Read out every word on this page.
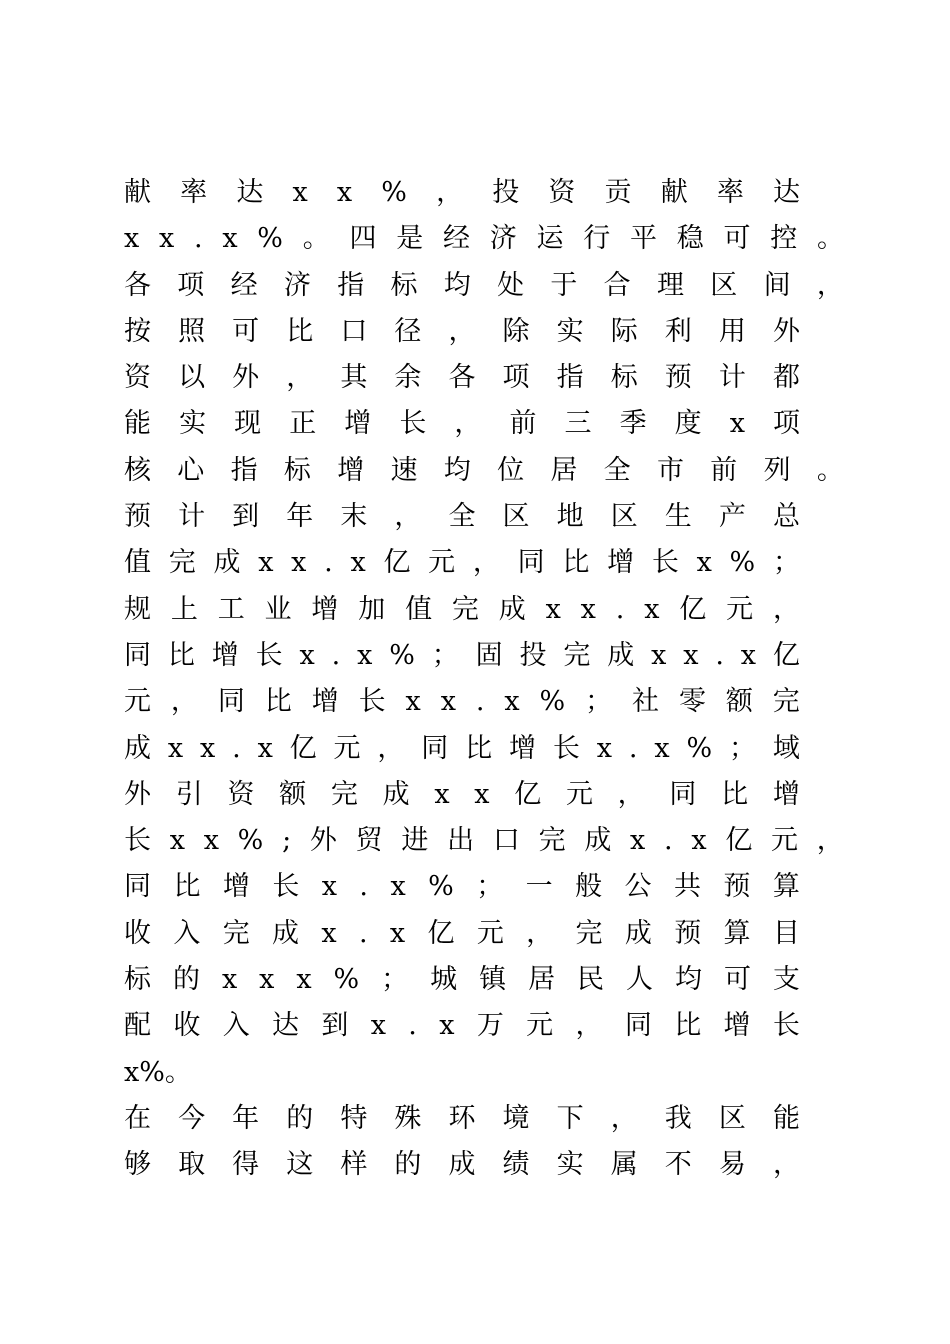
献 率 达 x x % ， 投 资 贡 献 率 达
x x . x % 。 四 是 经 济 运 行 平 稳 可 控 。
各 项 经 济 指 标 均 处 于 合 理 区 间 ，
按 照 可 比 口 径 ， 除 实 际 利 用 外
资 以 外 ， 其 余 各 项 指 标 预 计 都
能 实 现 正 增 长 ， 前 三 季 度 x 项
核 心 指 标 增 速 均 位 居 全 市 前 列 。
预 计 到 年 末 ， 全 区 地 区 生 产 总
值 完 成 x x . x 亿 元 ， 同 比 增 长 x % ；
规 上 工 业 增 加 值 完 成 x x . x 亿 元 ，
同 比 增 长 x . x % ； 固 投 完 成 x x . x 亿
元 ， 同 比 增 长 x x . x % ； 社 零 额 完
成 x x . x 亿 元 ， 同 比 增 长 x . x % ； 域
外 引 资 额 完 成 x x 亿 元 ， 同 比 增
长 x x % ; 外 贸 进 出 口 完 成 x . x 亿 元 ，
同 比 增 长 x . x % ； 一 般 公 共 预 算
收 入 完 成 x . x 亿 元 ， 完 成 预 算 目
标 的 x x x % ； 城 镇 居 民 人 均 可 支
配 收 入 达 到 x . x 万 元 ， 同 比 增 长
x%。
在 今 年 的 特 殊 环 境 下 ， 我 区 能
够 取 得 这 样 的 成 绩 实 属 不 易 ，
